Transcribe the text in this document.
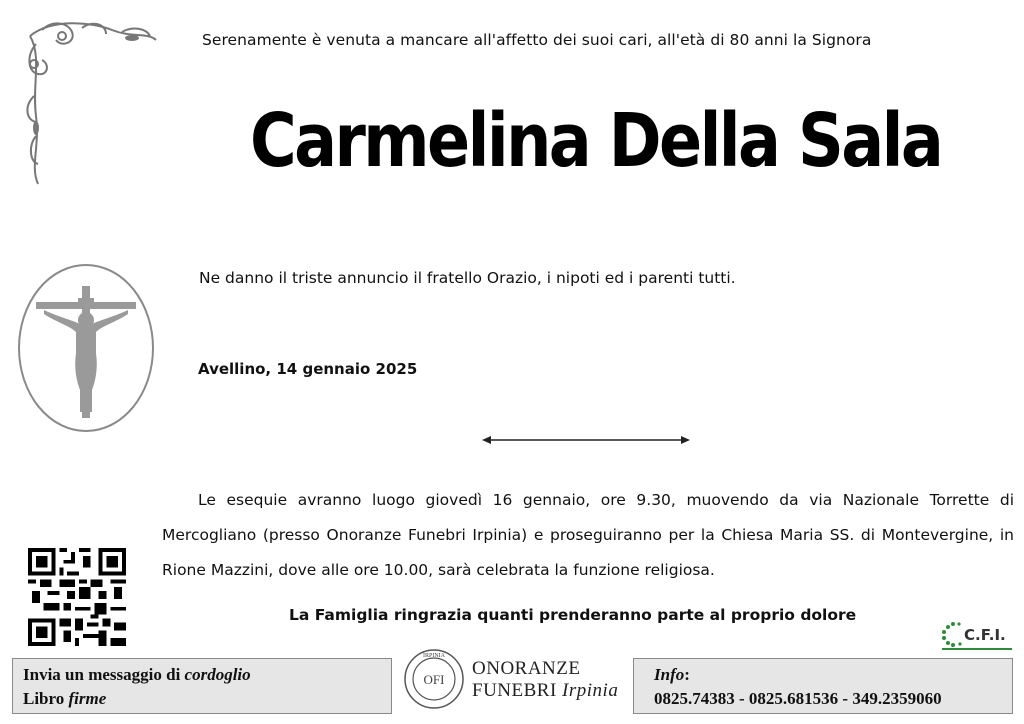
Serenamente è venuta a mancare all'affetto dei suoi cari, all'età di 80 anni la Signora
Carmelina Della Sala
Ne danno il triste annuncio il fratello Orazio, i nipoti ed i parenti tutti.
Avellino, 14 gennaio 2025
Le esequie avranno luogo giovedì 16 gennaio, ore 9.30, muovendo da via Nazionale Torrette di Mercogliano (presso Onoranze Funebri Irpinia) e proseguiranno per la Chiesa Maria SS. di Montevergine, in Rione Mazzini, dove alle ore 10.00, sarà celebrata la funzione religiosa.
La Famiglia ringrazia quanti prenderanno parte al proprio dolore
C.F.I.
Invia un messaggio di cordoglio
Libro firme
IRPINIA
OFI
ONORANZE
FUNEBRI Irpinia
Info:
0825.74383 - 0825.681536 - 349.2359060
